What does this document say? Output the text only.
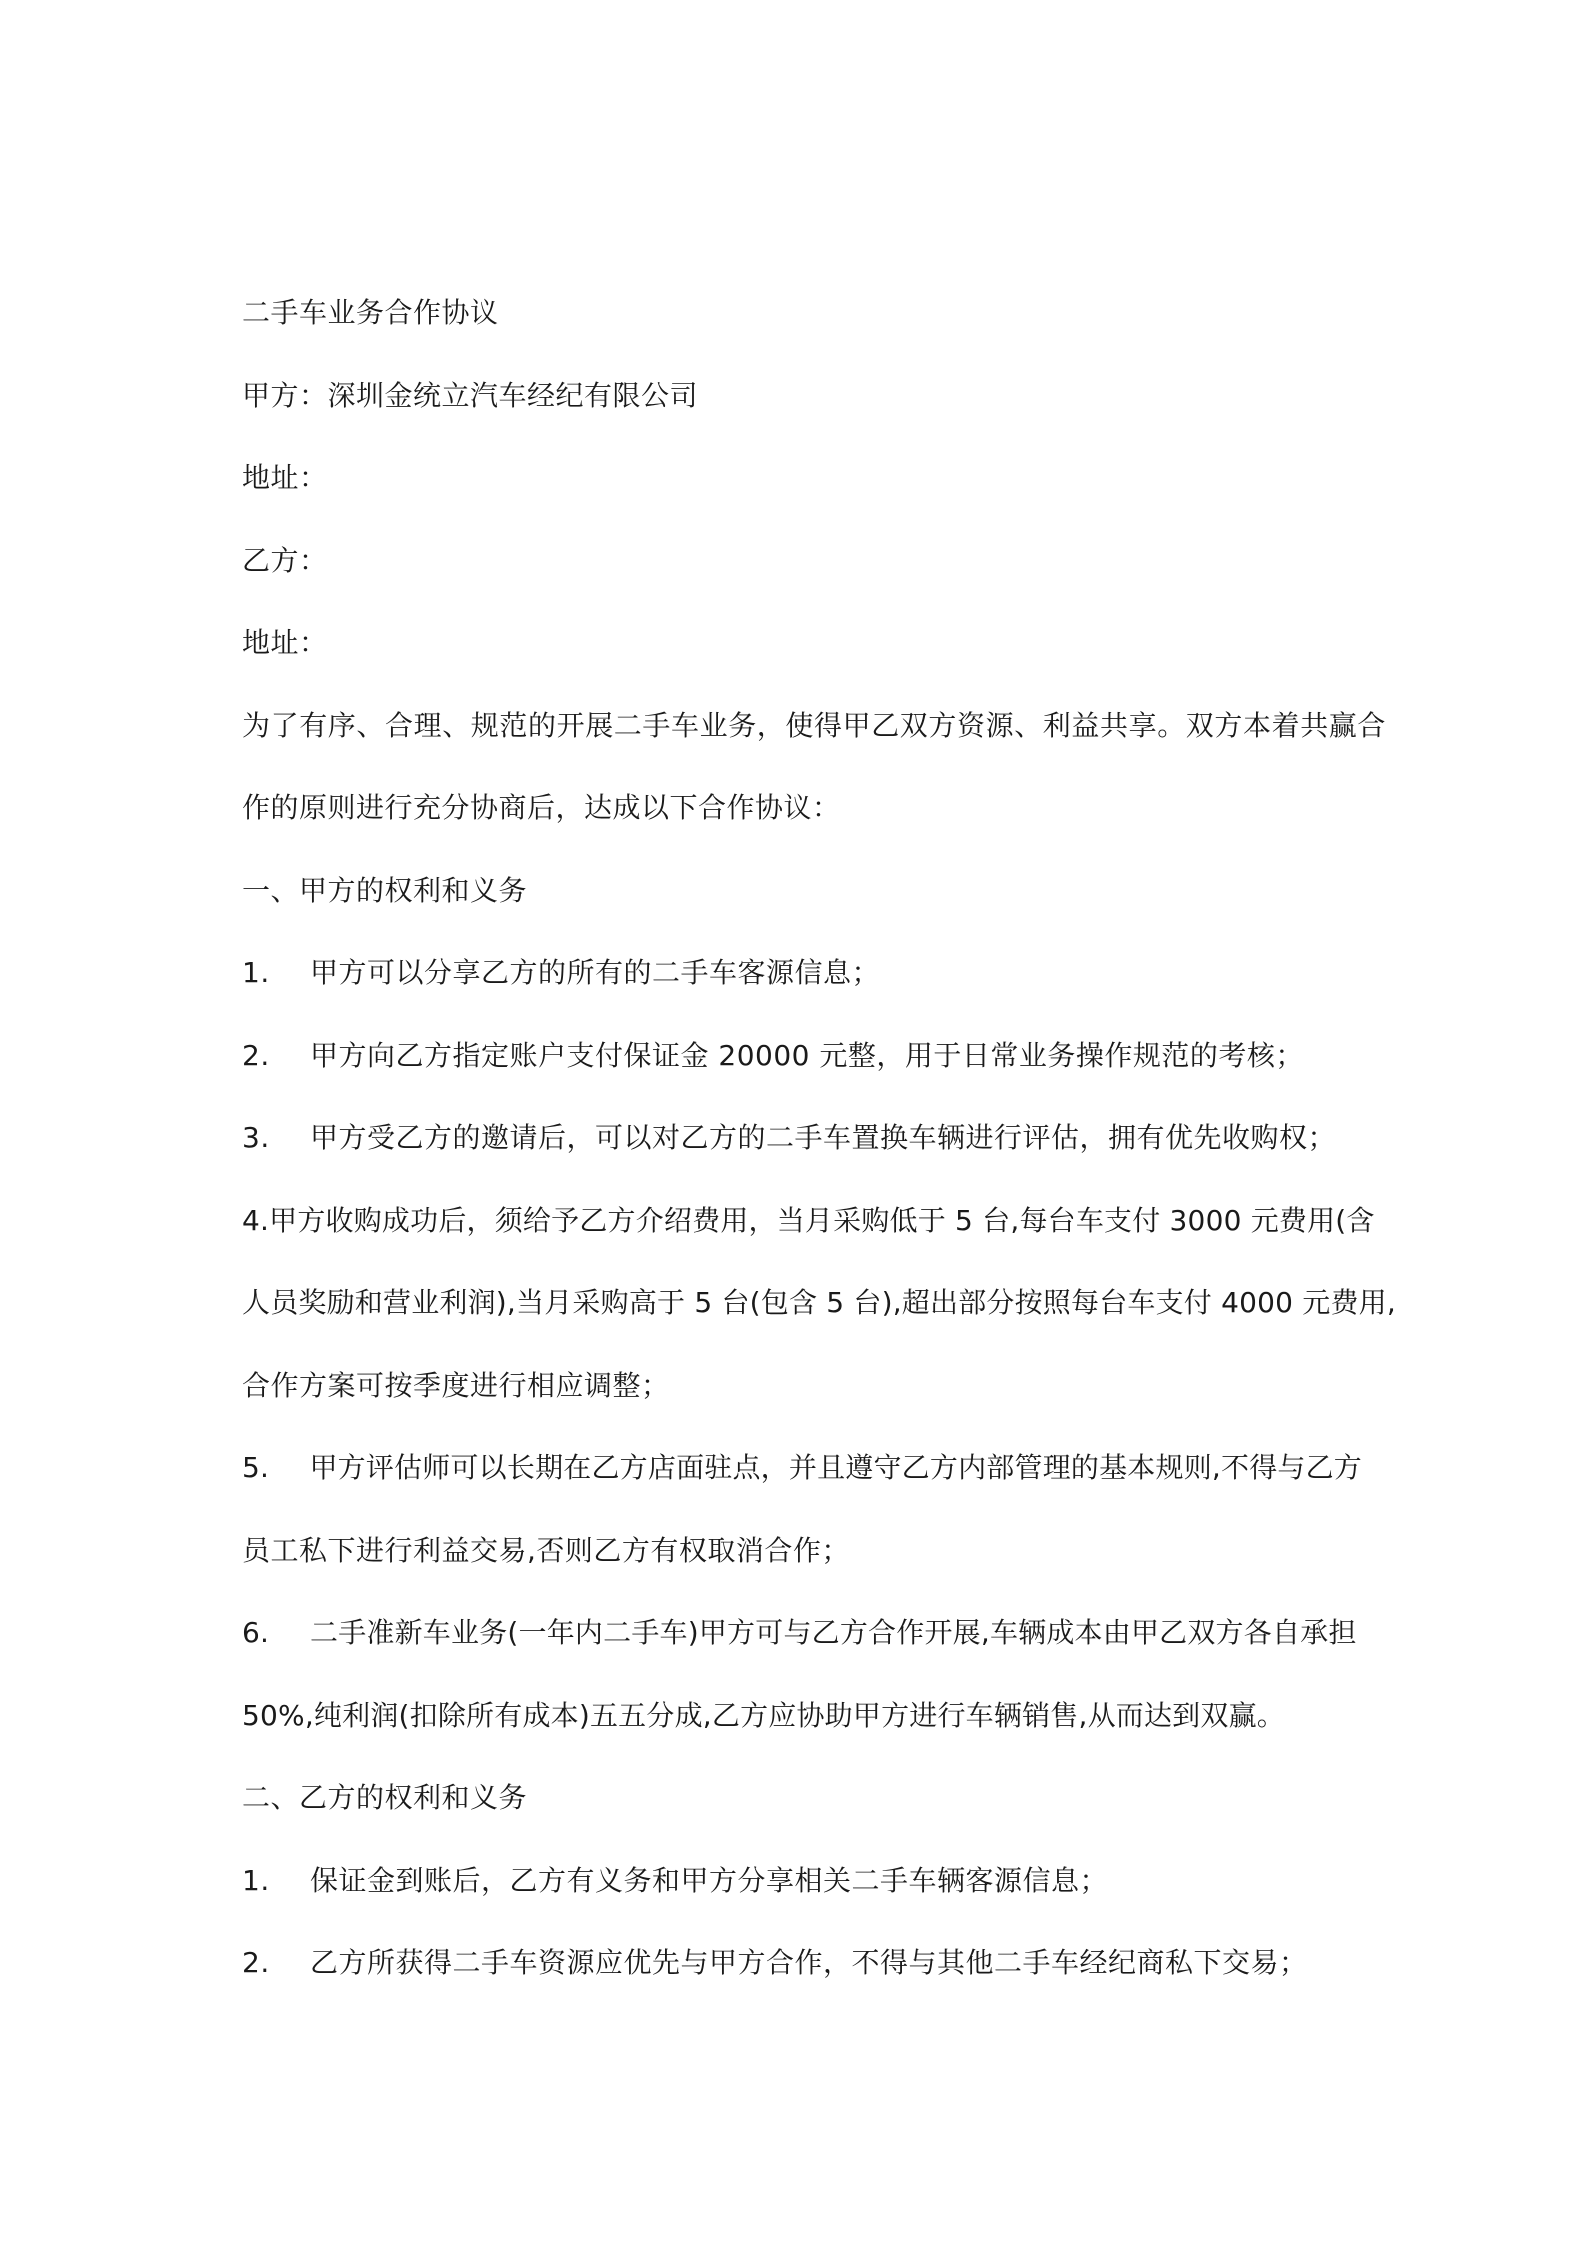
二手车业务合作协议
甲方：深圳金统立汽车经纪有限公司
地址：
乙方：
地址：
为了有序、合理、规范的开展二手车业务，使得甲乙双方资源、利益共享。双方本着共赢合
作的原则进行充分协商后，达成以下合作协议：
一、甲方的权利和义务
1.	甲方可以分享乙方的所有的二手车客源信息；
2.	甲方向乙方指定账户支付保证金 20000 元整，用于日常业务操作规范的考核；
3.	甲方受乙方的邀请后，可以对乙方的二手车置换车辆进行评估，拥有优先收购权；
4. 甲方收购成功后，须给予乙方介绍费用，当月采购低于 5 台,每台车支付 3000 元费用(含
人员奖励和营业利润),当月采购高于 5 台(包含 5 台),超出部分按照每台车支付 4000 元费用,
合作方案可按季度进行相应调整；
5.	甲方评估师可以长期在乙方店面驻点，并且遵守乙方内部管理的基本规则,不得与乙方
员工私下进行利益交易,否则乙方有权取消合作；
6.	二手准新车业务(一年内二手车)甲方可与乙方合作开展,车辆成本由甲乙双方各自承担
50%,纯利润(扣除所有成本)五五分成,乙方应协助甲方进行车辆销售,从而达到双赢。
二、乙方的权利和义务
1.	保证金到账后，乙方有义务和甲方分享相关二手车辆客源信息；
2.	乙方所获得二手车资源应优先与甲方合作，不得与其他二手车经纪商私下交易；
